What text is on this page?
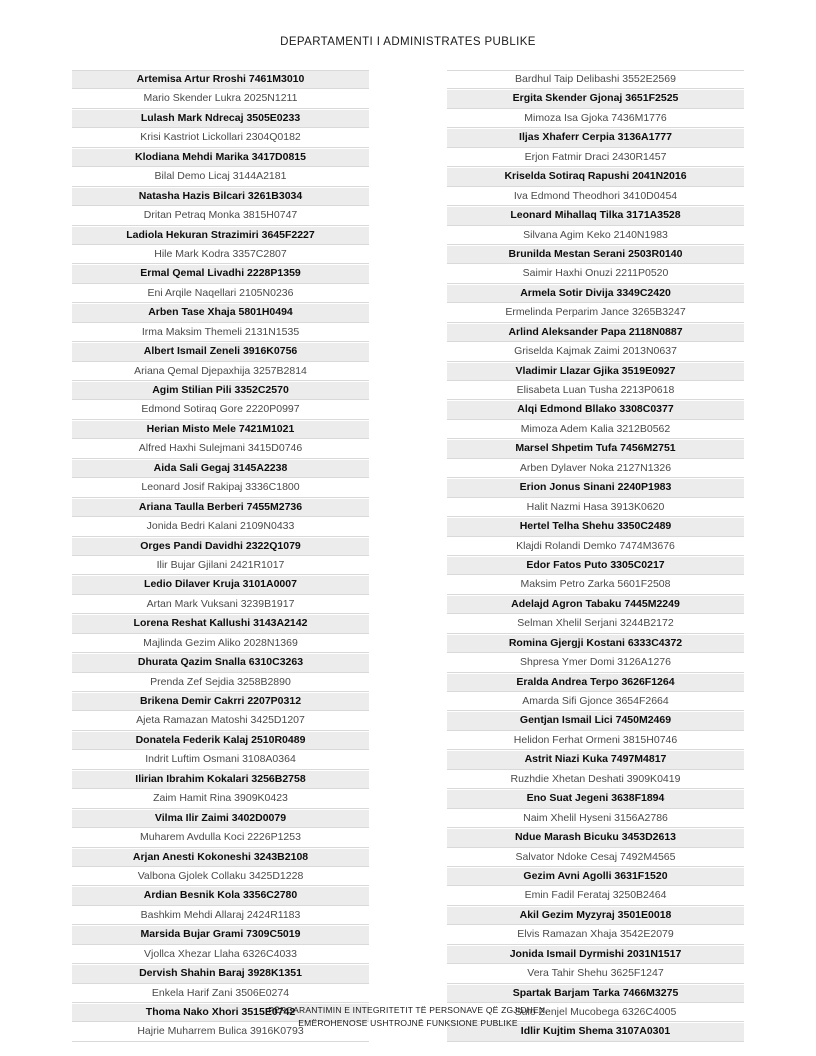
DEPARTAMENTI I ADMINISTRATES PUBLIKE
Artemisa Artur Rroshi 7461M3010
Mario Skender Lukra 2025N1211
Lulash Mark Ndrecaj 3505E0233
Krisi Kastriot Lickollari 2304Q0182
Klodiana Mehdi Marika 3417D0815
Bilal Demo Licaj 3144A2181
Natasha Hazis Bilcari 3261B3034
Dritan Petraq Monka 3815H0747
Ladiola Hekuran Strazimiri 3645F2227
Hile Mark Kodra 3357C2807
Ermal Qemal Livadhi 2228P1359
Eni Arqile Naqellari 2105N0236
Arben Tase Xhaja 5801H0494
Irma Maksim Themeli 2131N1535
Albert Ismail Zeneli 3916K0756
Ariana Qemal Djepaxhija 3257B2814
Agim Stilian Pili 3352C2570
Edmond Sotiraq Gore 2220P0997
Herian Misto Mele 7421M1021
Alfred Haxhi Sulejmani 3415D0746
Aida Sali Gegaj 3145A2238
Leonard Josif Rakipaj 3336C1800
Ariana Taulla Berberi 7455M2736
Jonida Bedri Kalani 2109N0433
Orges Pandi Davidhi 2322Q1079
Ilir Bujar Gjilani 2421R1017
Ledio Dilaver Kruja 3101A0007
Artan Mark Vuksani 3239B1917
Lorena Reshat Kallushi 3143A2142
Majlinda Gezim Aliko 2028N1369
Dhurata Qazim Snalla 6310C3263
Prenda Zef Sejdia 3258B2890
Brikena Demir Cakrri 2207P0312
Ajeta Ramazan Matoshi 3425D1207
Donatela Federik Kalaj 2510R0489
Indrit Luftim Osmani 3108A0364
Ilirian Ibrahim Kokalari 3256B2758
Zaim Hamit Rina 3909K0423
Vilma Ilir Zaimi 3402D0079
Muharem Avdulla Koci 2226P1253
Arjan Anesti Kokoneshi 3243B2108
Valbona Gjolek Collaku 3425D1228
Ardian Besnik Kola 3356C2780
Bashkim Mehdi Allaraj 2424R1183
Marsida Bujar Grami 7309C5019
Vjollca Xhezar Llaha 6326C4033
Dervish Shahin Baraj 3928K1351
Enkela Harif Zani 3506E0274
Thoma Nako Xhori 3515E0742
Hajrie Muharrem Bulica 3916K0793
Bardhul Taip Delibashi 3552E2569
Ergita Skender Gjonaj 3651F2525
Mimoza Isa Gjoka 7436M1776
Iljas Xhaferr Cerpia 3136A1777
Erjon Fatmir Draci 2430R1457
Kriselda Sotiraq Rapushi 2041N2016
Iva Edmond Theodhori 3410D0454
Leonard Mihallaq Tilka 3171A3528
Silvana Agim Keko 2140N1983
Brunilda Mestan Serani 2503R0140
Saimir Haxhi Onuzi 2211P0520
Armela Sotir Divija 3349C2420
Ermelinda Perparim Jance 3265B3247
Arlind Aleksander Papa 2118N0887
Griselda Kajmak Zaimi 2013N0637
Vladimir Llazar Gjika 3519E0927
Elisabeta Luan Tusha 2213P0618
Alqi Edmond Bllako 3308C0377
Mimoza Adem Kalia 3212B0562
Marsel Shpetim Tufa 7456M2751
Arben Dylaver Noka 2127N1326
Erion Jonus Sinani 2240P1983
Halit Nazmi Hasa 3913K0620
Hertel Telha Shehu 3350C2489
Klajdi Rolandi Demko 7474M3676
Edor Fatos Puto 3305C0217
Maksim Petro Zarka 5601F2508
Adelajd Agron Tabaku 7445M2249
Selman Xhelil Serjani 3244B2172
Romina Gjergji Kostani 6333C4372
Shpresa Ymer Domi 3126A1276
Eralda Andrea Terpo 3626F1264
Amarda Sifi Gjonce 3654F2664
Gentjan Ismail Lici 7450M2469
Helidon Ferhat Ormeni 3815H0746
Astrit Niazi Kuka 7497M4817
Ruzhdie Xhetan Deshati 3909K0419
Eno Suat Jegeni 3638F1894
Naim Xhelil Hyseni 3156A2786
Ndue Marash Bicuku 3453D2613
Salvator Ndoke Cesaj 7492M4565
Gezim Avni Agolli 3631F1520
Emin Fadil Ferataj 3250B2464
Akil Gezim Myzyraj 3501E0018
Elvis Ramazan Xhaja 3542E2079
Jonida Ismail Dyrmishi 2031N1517
Vera Tahir Shehu 3625F1247
Spartak Barjam Tarka 7466M3275
Sulo Zenjel Mucobega 6326C4005
Idlir Kujtim Shema 3107A0301
PËRGARANTIMIN E INTEGRITETIT TË PERSONAVE QË ZGJIDHEN,
EMËROHENOSE USHTROJNË FUNKSIONE PUBLIKE
